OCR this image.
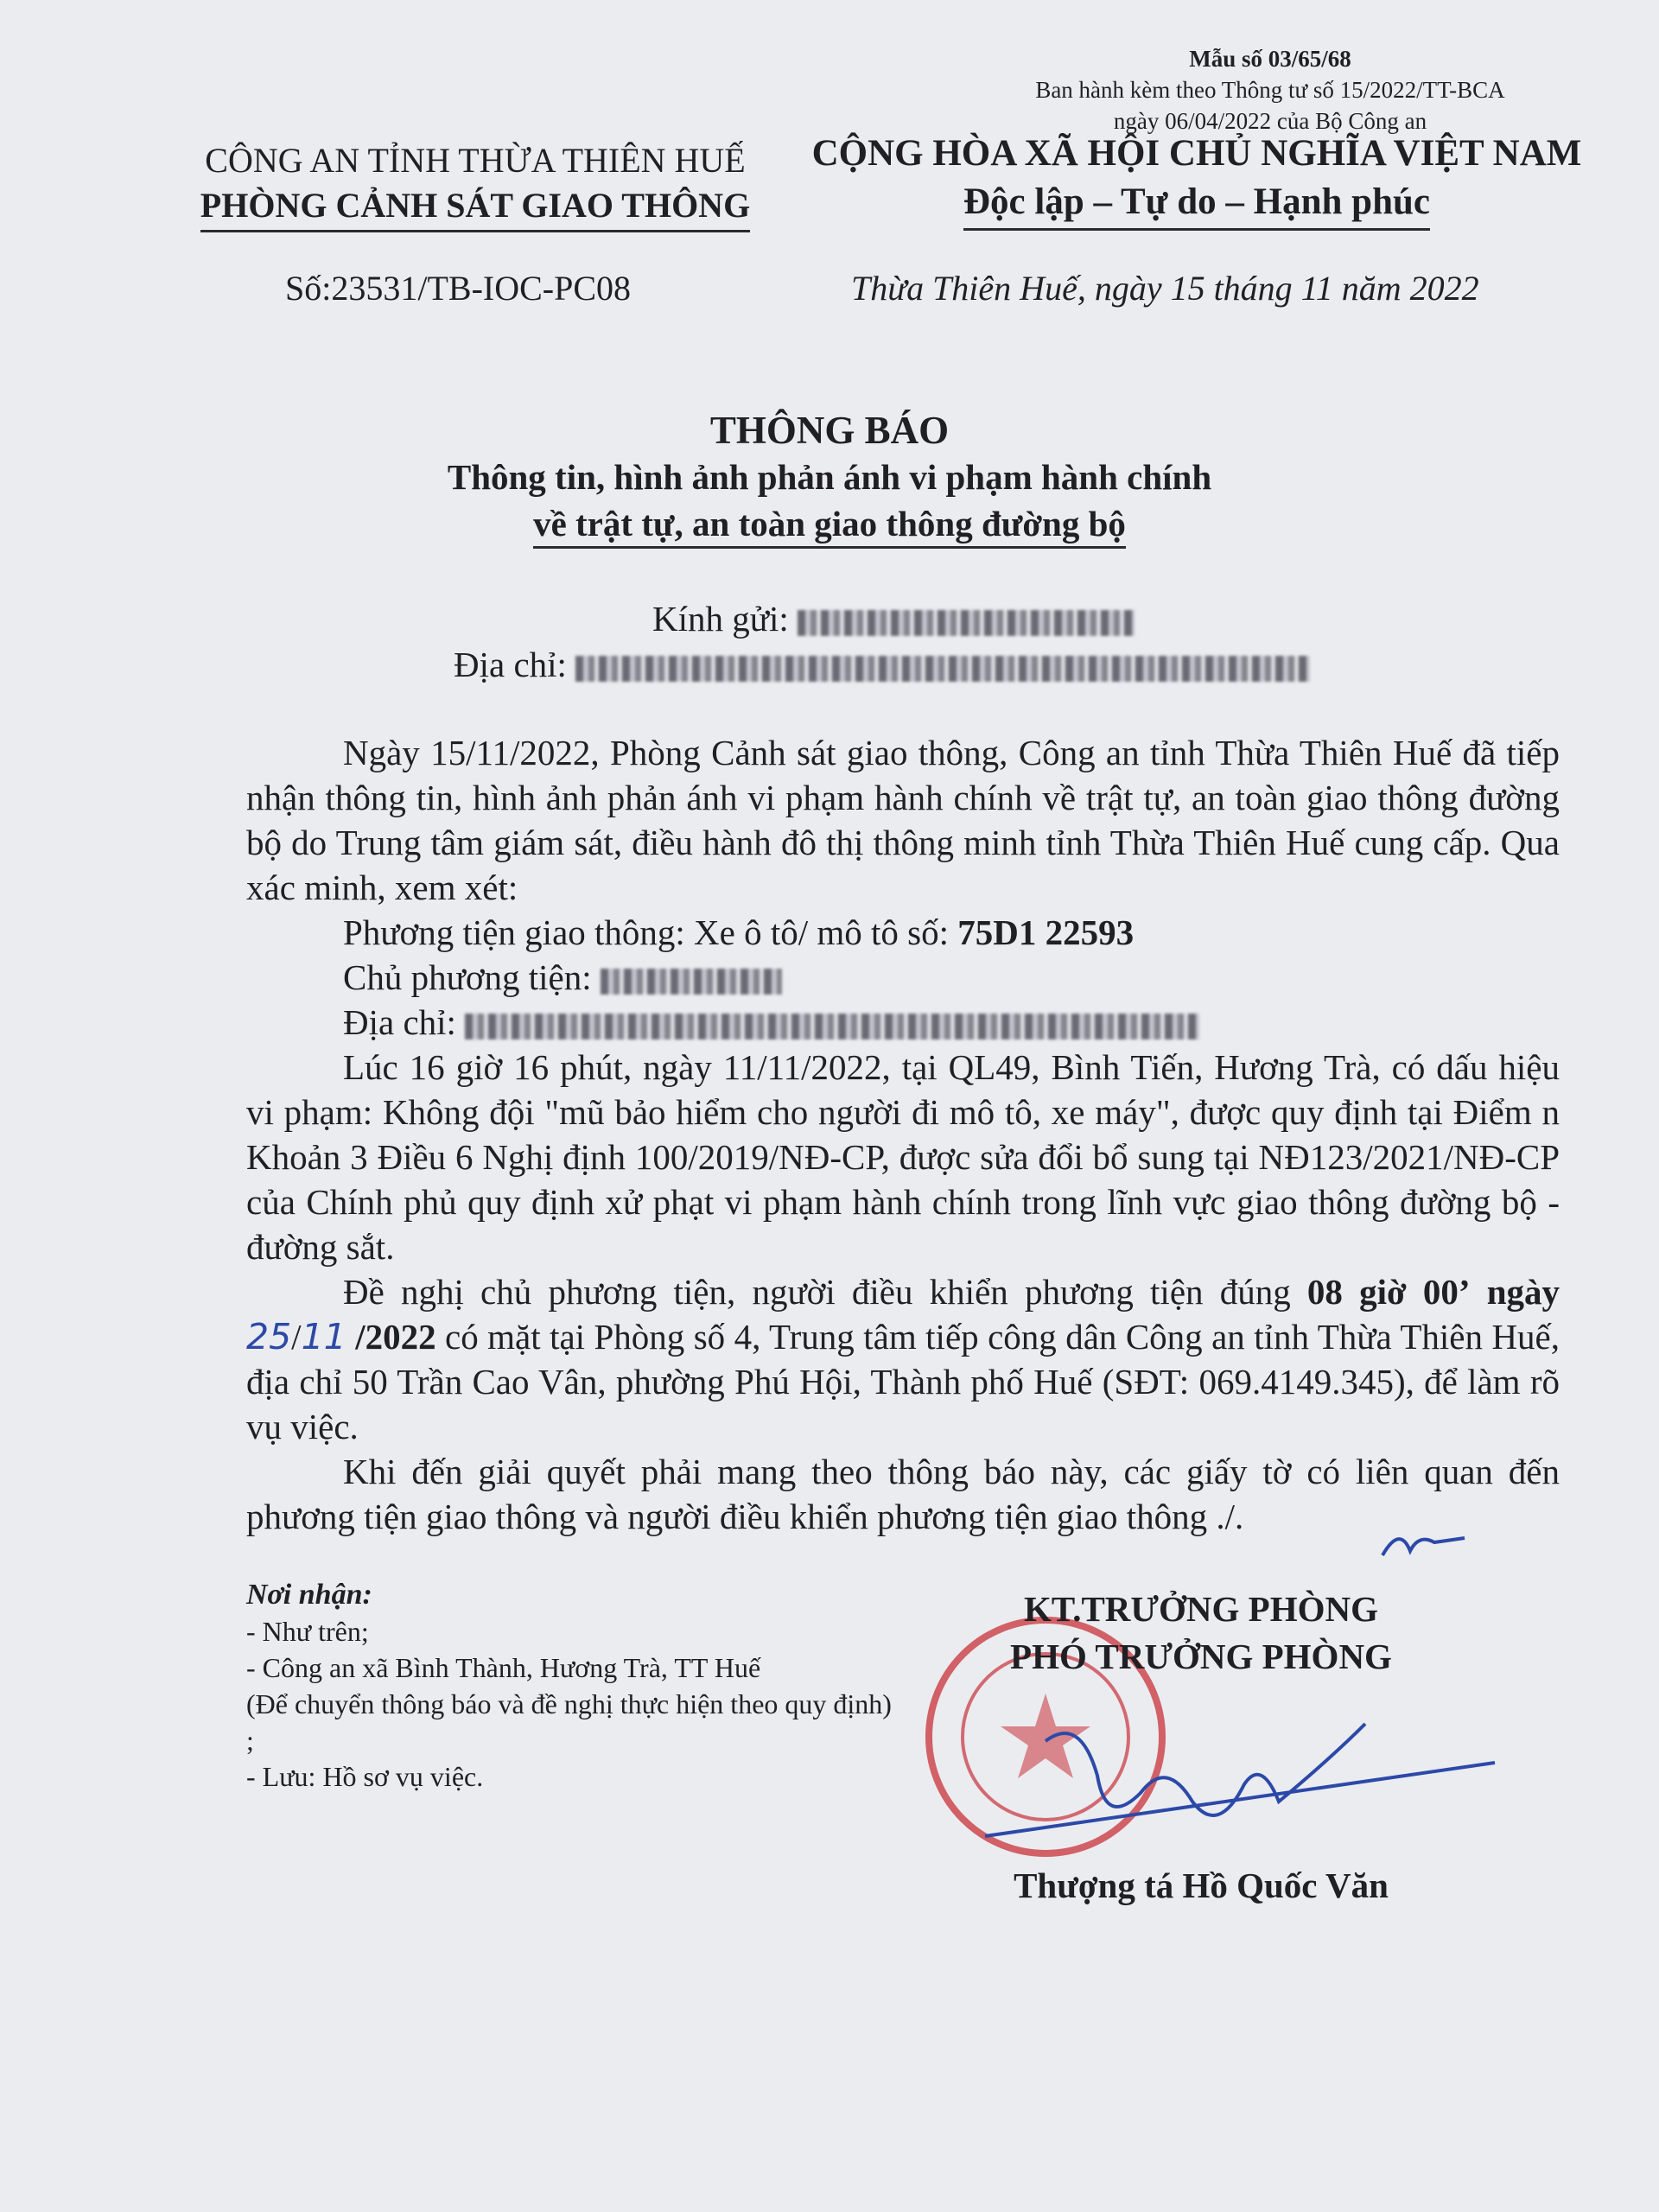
Mẫu số 03/65/68
Ban hành kèm theo Thông tư số 15/2022/TT-BCA
ngày 06/04/2022 của Bộ Công an
CÔNG AN TỈNH THỪA THIÊN HUẾ
PHÒNG CẢNH SÁT GIAO THÔNG
CỘNG HÒA XÃ HỘI CHỦ NGHĨA VIỆT NAM
Độc lập – Tự do – Hạnh phúc
Số:23531/TB-IOC-PC08	Thừa Thiên Huế, ngày 15 tháng 11 năm 2022
THÔNG BÁO
Thông tin, hình ảnh phản ánh vi phạm hành chính
về trật tự, an toàn giao thông đường bộ
Kính gửi:
Địa chỉ:
Ngày 15/11/2022, Phòng Cảnh sát giao thông, Công an tỉnh Thừa Thiên Huế đã tiếp nhận thông tin, hình ảnh phản ánh vi phạm hành chính về trật tự, an toàn giao thông đường bộ do Trung tâm giám sát, điều hành đô thị thông minh tỉnh Thừa Thiên Huế cung cấp. Qua xác minh, xem xét:
Phương tiện giao thông: Xe ô tô/ mô tô số: 75D1 22593
Chủ phương tiện:
Địa chỉ:
Lúc 16 giờ 16 phút, ngày 11/11/2022, tại QL49, Bình Tiến, Hương Trà, có dấu hiệu vi phạm: Không đội "mũ bảo hiểm cho người đi mô tô, xe máy", được quy định tại Điểm n Khoản 3 Điều 6 Nghị định 100/2019/NĐ-CP, được sửa đổi bổ sung tại NĐ123/2021/NĐ-CP của Chính phủ quy định xử phạt vi phạm hành chính trong lĩnh vực giao thông đường bộ - đường sắt.
Đề nghị chủ phương tiện, người điều khiển phương tiện đúng 08 giờ 00’ ngày 25/11 /2022 có mặt tại Phòng số 4, Trung tâm tiếp công dân Công an tỉnh Thừa Thiên Huế, địa chỉ 50 Trần Cao Vân, phường Phú Hội, Thành phố Huế (SĐT: 069.4149.345), để làm rõ vụ việc.
Khi đến giải quyết phải mang theo thông báo này, các giấy tờ có liên quan đến phương tiện giao thông và người điều khiển phương tiện giao thông ./.
Nơi nhận:
- Như trên;
- Công an xã Bình Thành, Hương Trà, TT Huế
(Để chuyển thông báo và đề nghị thực hiện theo quy định) ;
- Lưu: Hồ sơ vụ việc.
KT.TRƯỞNG PHÒNG
PHÓ TRƯỞNG PHÒNG
Thượng tá Hồ Quốc Văn
